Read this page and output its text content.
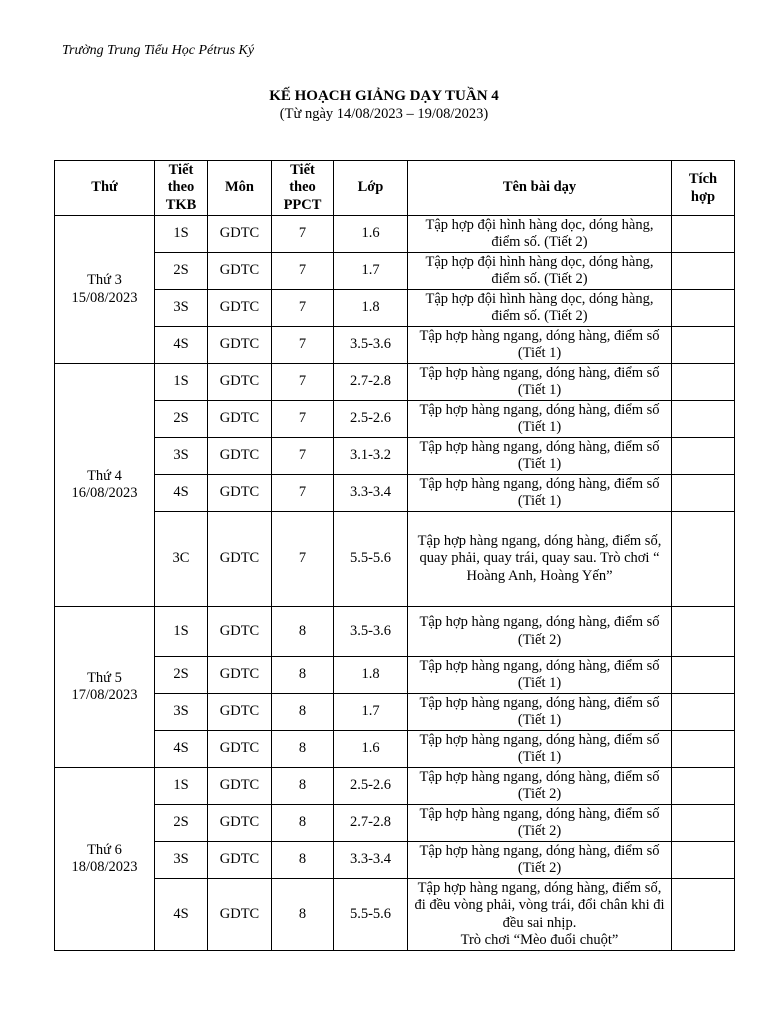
Trường Trung Tiểu Học Pétrus Ký
KẾ HOẠCH GIẢNG DẠY TUẦN 4
(Từ ngày 14/08/2023 – 19/08/2023)
Thứ	Tiết theo TKB	Môn	Tiết theo PPCT	Lớp	Tên bài dạy	Tích hợp

Thứ 3
15/08/2023	1S	GDTC	7	1.6	Tập hợp đội hình hàng dọc, dóng hàng, điểm số. (Tiết 2)	
	2S	GDTC	7	1.7	Tập hợp đội hình hàng dọc, dóng hàng, điểm số. (Tiết 2)	
	3S	GDTC	7	1.8	Tập hợp đội hình hàng dọc, dóng hàng, điểm số. (Tiết 2)	
	4S	GDTC	7	3.5-3.6	Tập hợp hàng ngang, dóng hàng, điểm số (Tiết 1)	

Thứ 4
16/08/2023	1S	GDTC	7	2.7-2.8	Tập hợp hàng ngang, dóng hàng, điểm số (Tiết 1)	
	2S	GDTC	7	2.5-2.6	Tập hợp hàng ngang, dóng hàng, điểm số (Tiết 1)	
	3S	GDTC	7	3.1-3.2	Tập hợp hàng ngang, dóng hàng, điểm số (Tiết 1)	
	4S	GDTC	7	3.3-3.4	Tập hợp hàng ngang, dóng hàng, điểm số (Tiết 1)	
	3C	GDTC	7	5.5-5.6	Tập hợp hàng ngang, dóng hàng, điểm số, quay phải, quay trái, quay sau. Trò chơi “ Hoàng Anh, Hoàng Yến”	

Thứ 5
17/08/2023	1S	GDTC	8	3.5-3.6	Tập hợp hàng ngang, dóng hàng, điểm số (Tiết 2)	
	2S	GDTC	8	1.8	Tập hợp hàng ngang, dóng hàng, điểm số (Tiết 1)	
	3S	GDTC	8	1.7	Tập hợp hàng ngang, dóng hàng, điểm số (Tiết 1)	
	4S	GDTC	8	1.6	Tập hợp hàng ngang, dóng hàng, điểm số (Tiết 1)	

Thứ 6
18/08/2023	1S	GDTC	8	2.5-2.6	Tập hợp hàng ngang, dóng hàng, điểm số (Tiết 2)	
	2S	GDTC	8	2.7-2.8	Tập hợp hàng ngang, dóng hàng, điểm số (Tiết 2)	
	3S	GDTC	8	3.3-3.4	Tập hợp hàng ngang, dóng hàng, điểm số (Tiết 2)	
	4S	GDTC	8	5.5-5.6	Tập hợp hàng ngang, dóng hàng, điểm số, đi đều vòng phải, vòng trái, đổi chân khi đi đều sai nhịp.
Trò chơi “Mèo đuổi chuột”	
